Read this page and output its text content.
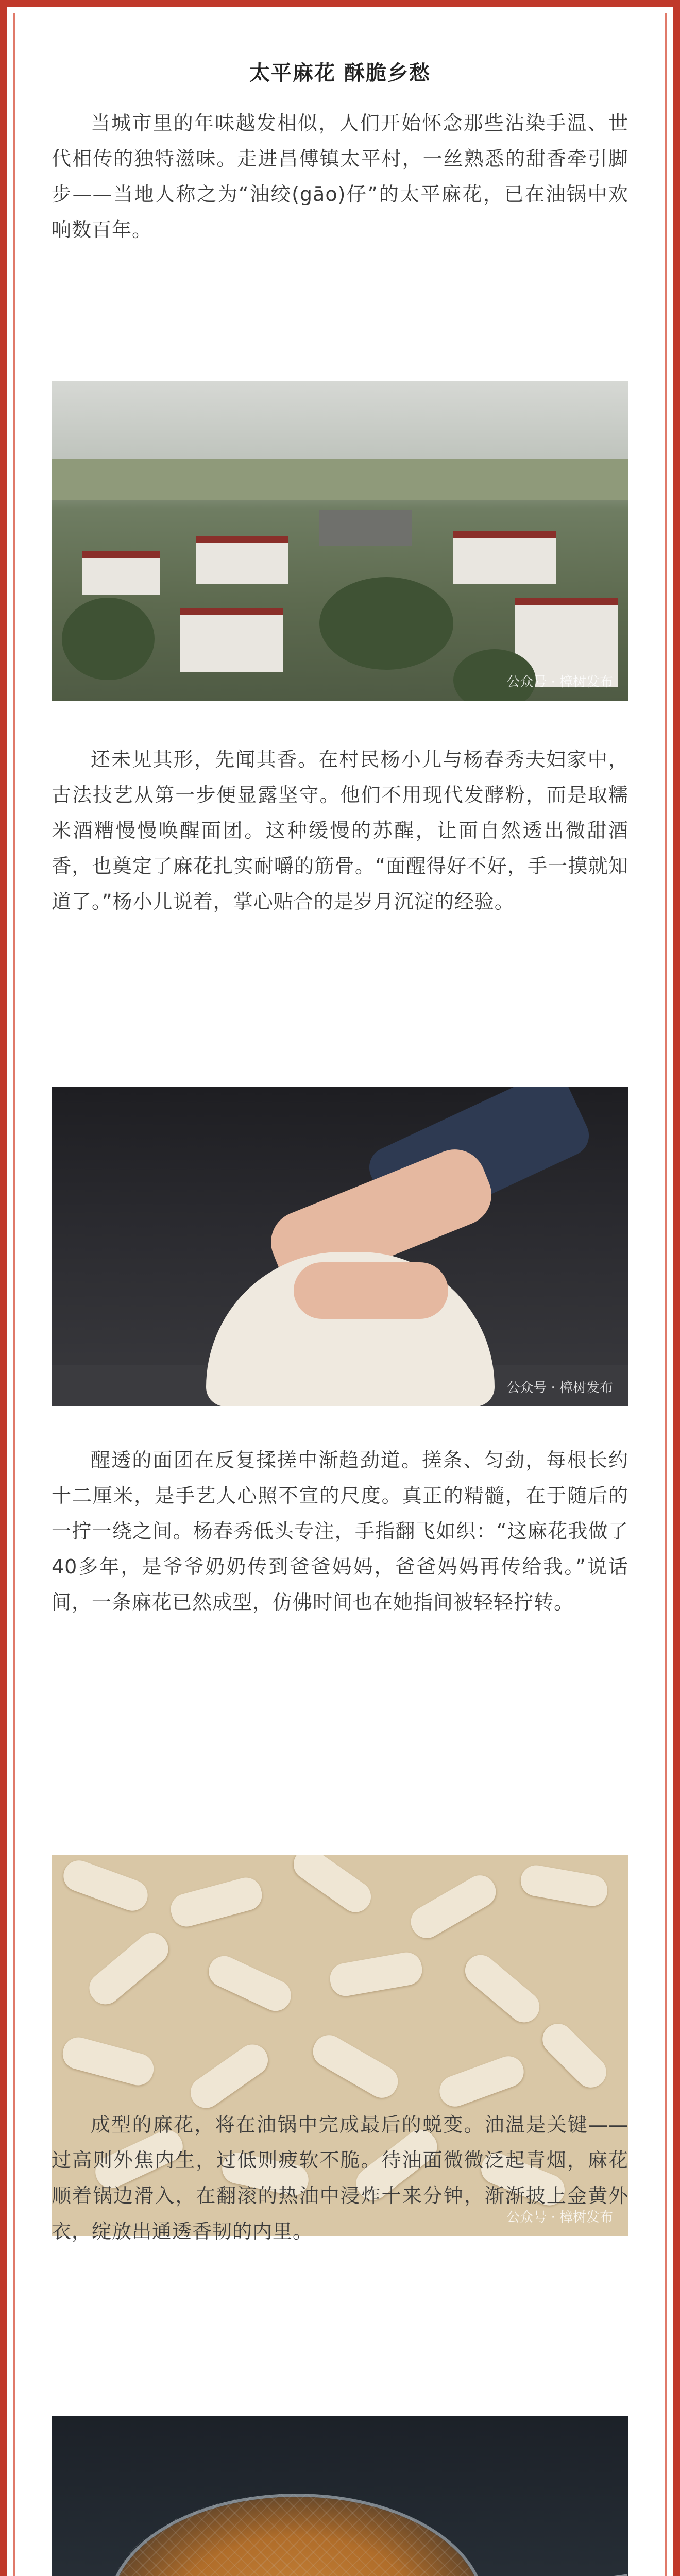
太平麻花 酥脆乡愁
当城市里的年味越发相似，人们开始怀念那些沾染手温、世代相传的独特滋味。走进昌傅镇太平村，一丝熟悉的甜香牵引脚步——当地人称之为“油绞(gāo)仔”的太平麻花，已在油锅中欢响数百年。
公众号 · 樟树发布
还未见其形，先闻其香。在村民杨小儿与杨春秀夫妇家中，古法技艺从第一步便显露坚守。他们不用现代发酵粉，而是取糯米酒糟慢慢唤醒面团。这种缓慢的苏醒，让面自然透出微甜酒香，也奠定了麻花扎实耐嚼的筋骨。“面醒得好不好，手一摸就知道了。”杨小儿说着，掌心贴合的是岁月沉淀的经验。
公众号 · 樟树发布
醒透的面团在反复揉搓中渐趋劲道。搓条、匀劲，每根长约十二厘米，是手艺人心照不宣的尺度。真正的精髓，在于随后的一拧一绕之间。杨春秀低头专注，手指翻飞如织：“这麻花我做了40多年，是爷爷奶奶传到爸爸妈妈，爸爸妈妈再传给我。”说话间，一条麻花已然成型，仿佛时间也在她指间被轻轻拧转。
公众号 · 樟树发布
成型的麻花，将在油锅中完成最后的蜕变。油温是关键——过高则外焦内生，过低则疲软不脆。待油面微微泛起青烟，麻花顺着锅边滑入，在翻滚的热油中浸炸十来分钟，渐渐披上金黄外衣，绽放出通透香韧的内里。
